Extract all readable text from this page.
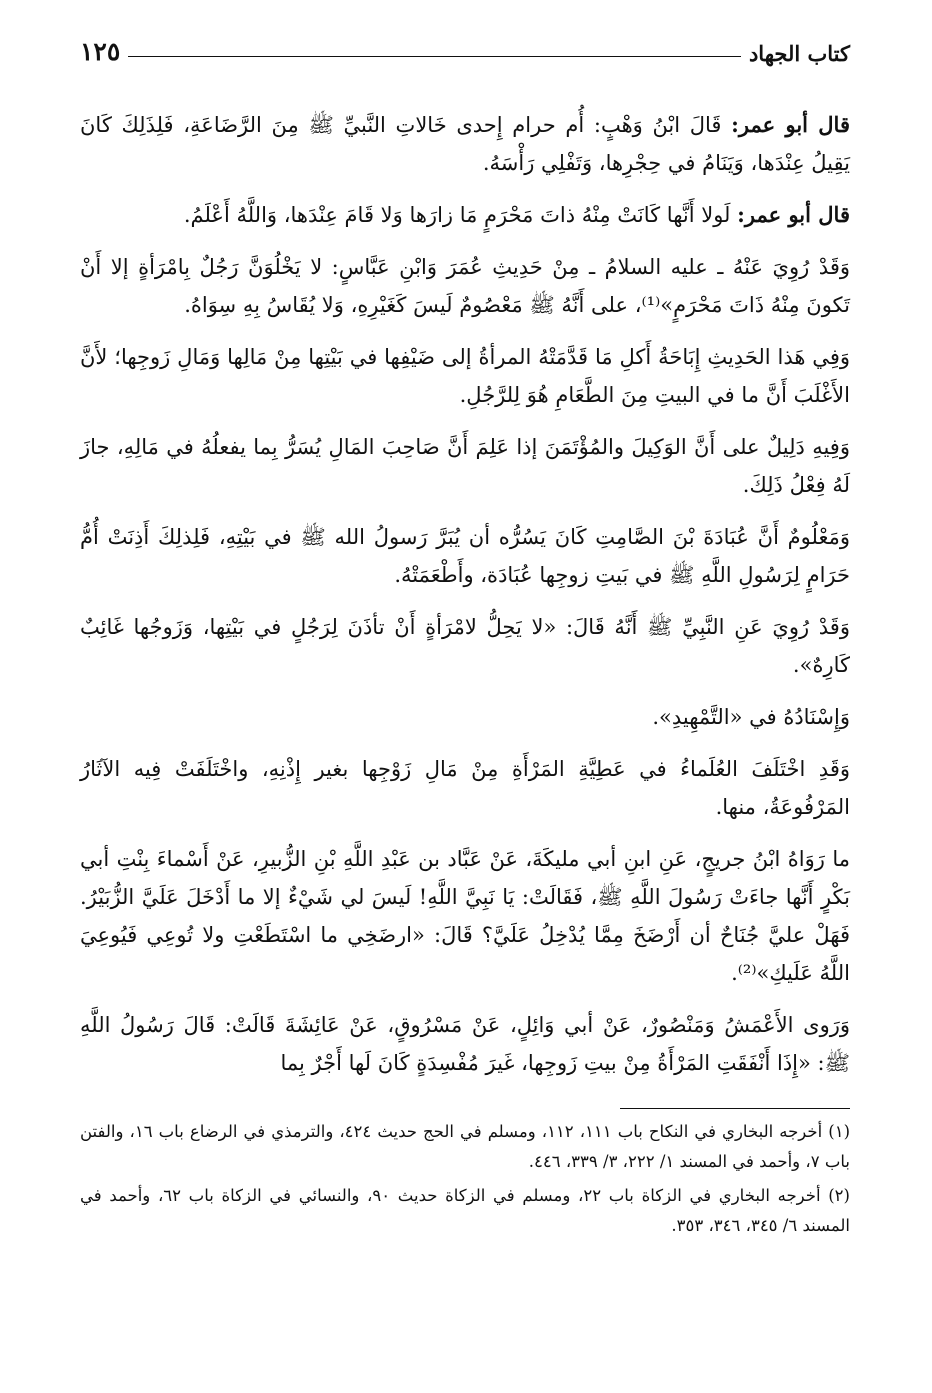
كتاب الجهاد
١٢٥

قال أبو عمر: قَالَ ابْنُ وَهْبٍ: أُم حرام إِحدى خَالاتِ النَّبيِّ ﷺ مِنَ الرَّضَاعَةِ، فَلِذَلِكَ كَانَ يَقِيلُ عِنْدَها، وَيَنَامُ في حِجْرِها، وَتَفْلِي رَأْسَهُ.

قال أبو عمر: لَولا أَنَّها كَانَتْ مِنْهُ ذاتَ مَحْرَمٍ مَا زارَها وَلا قَامَ عِنْدَها، وَاللَّهُ أَعْلَمُ.

وَقَدْ رُوِيَ عَنْهُ ـ عليه السلامُ ـ مِنْ حَدِيثِ عُمَرَ وَابْنِ عَبَّاسٍ: لا يَخْلُوَنَّ رَجُلٌ بِامْرَأةٍ إلا أَنْ تَكونَ مِنْهُ ذَاتَ مَحْرَمٍ»⁽¹⁾، على أَنَّهُ ﷺ مَعْصُومٌ لَيسَ كَغَيْرِهِ، وَلا يُقَاسُ بِهِ سِوَاهُ.

وَفِي هَذا الحَدِيثِ إِبَاحَةُ أَكلِ مَا قَدَّمَتْهُ المرأةُ إلى ضَيْفِها في بَيْتِها مِنْ مَالِها وَمَالِ زَوجِها؛ لأَنَّ الأَغْلَبَ أَنَّ ما في البيتِ مِنَ الطَّعَامِ هُوَ لِلرَّجُلِ.

وَفِيهِ دَلِيلٌ على أَنَّ الوَكِيلَ والمُؤْتَمَنَ إذا عَلِمَ أَنَّ صَاحِبَ المَالِ يُسَرُّ بِما يفعلُهُ في مَالِهِ، جازَ لَهُ فِعْلُ ذَلِكَ.

وَمَعْلُومٌ أَنَّ عُبَادَةَ بْنَ الصَّامِتِ كَانَ يَسُرُّه أن يُبَرَّ رَسولُ الله ﷺ في بَيْتِهِ، فَلِذلِكَ أَذِنَتْ أُمُّ حَرَامٍ لِرَسُولِ اللَّهِ ﷺ في بَيتِ زوجِها عُبَادَة، وأَطْعَمَتْهُ.

وَقَدْ رُوِيَ عَنِ النَّبِيِّ ﷺ أَنَّهُ قَالَ: «لا يَحِلُّ لامْرَأةٍ أَنْ تأذَنَ لِرَجُلٍ في بَيْتِها، وَزَوجُها غَائِبٌ كَارِهٌ».

وَإِسْنَادُهُ في «التَّمْهِيدِ».

وَقَدِ اخْتَلَفَ العُلَماءُ في عَطِيَّةِ المَرْأَةِ مِنْ مَالِ زَوْجِها بغير إِذْنِهِ، واخْتَلَفَتْ فِيه الآثَارُ المَرْفُوعَةُ، منها.

ما رَوَاهُ ابْنُ جريجٍ، عَنِ ابنِ أبي مليكَةَ، عَنْ عَبَّاد بن عَبْدِ اللَّهِ بْنِ الزُّبيرِ، عَنْ أَسْماءَ بِنْتِ أبي بَكْرٍ أَنَّها جاءَتْ رَسُولَ اللَّهِ ﷺ، فَقَالَتْ: يَا نَبِيَّ اللَّهِ! لَيسَ لي شَيْءٌ إلا ما أَدْخَلَ عَلَيَّ الزُّبَيْرُ. فَهَلْ عليَّ جُنَاحٌ أن أَرْضَخَ مِمَّا يُدْخِلُ عَلَيَّ؟ قَالَ: «ارضَخِي ما اسْتَطَعْتِ ولا تُوعِي فَيُوعِيَ اللَّهُ عَلَيكِ»⁽²⁾.

وَرَوى الأَعْمَشُ وَمَنْصُورٌ، عَنْ أبي وَائِلٍ، عَنْ مَسْرُوقٍ، عَنْ عَائِشَةَ قَالَتْ: قَالَ رَسُولُ اللَّهِ ﷺ: «إِذَا أَنْفَقَتِ المَرْأَةُ مِنْ بيتِ زَوجِها، غَيرَ مُفْسِدَةٍ كَانَ لَها أَجْرٌ بِما

(١) أخرجه البخاري في النكاح باب ١١١، ١١٢، ومسلم في الحج حديث ٤٢٤، والترمذي في الرضاع باب ١٦، والفتن باب ٧، وأحمد في المسند ١/ ٢٢٢، ٣/ ٣٣٩، ٤٤٦.

(٢) أخرجه البخاري في الزكاة باب ٢٢، ومسلم في الزكاة حديث ٩٠، والنسائي في الزكاة باب ٦٢، وأحمد في المسند ٦/ ٣٤٥، ٣٤٦، ٣٥٣.
